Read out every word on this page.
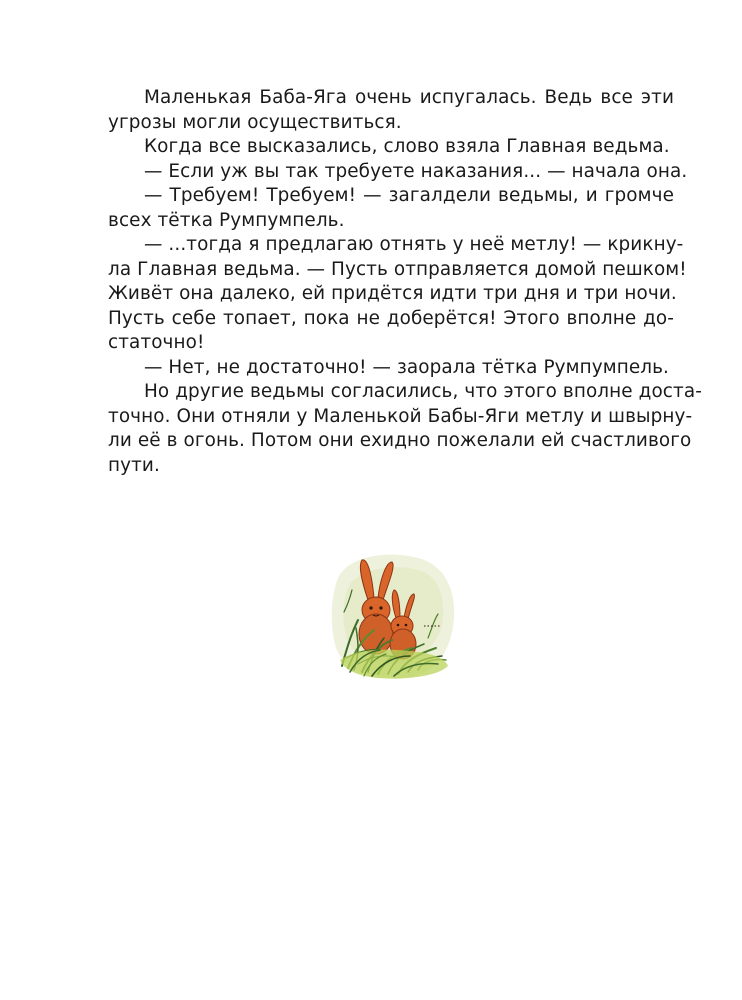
Маленькая Баба-Яга очень испугалась. Ведь все эти
угрозы могли осуществиться.
Когда все высказались, слово взяла Главная ведьма.
— Если уж вы так требуете наказания... — начала она.
— Требуем! Требуем! — загалдели ведьмы, и громче
всех тётка Румпумпель.
— ...тогда я предлагаю отнять у неё метлу! — крикну-
ла Главная ведьма. — Пусть отправляется домой пешком!
Живёт она далеко, ей придётся идти три дня и три ночи.
Пусть себе топает, пока не доберётся! Этого вполне до-
статочно!
— Нет, не достаточно! — заорала тётка Румпумпель.
Но другие ведьмы согласились, что этого вполне доста-
точно. Они отняли у Маленькой Бабы-Яги метлу и швырну-
ли её в огонь. Потом они ехидно пожелали ей счастливого
пути.
